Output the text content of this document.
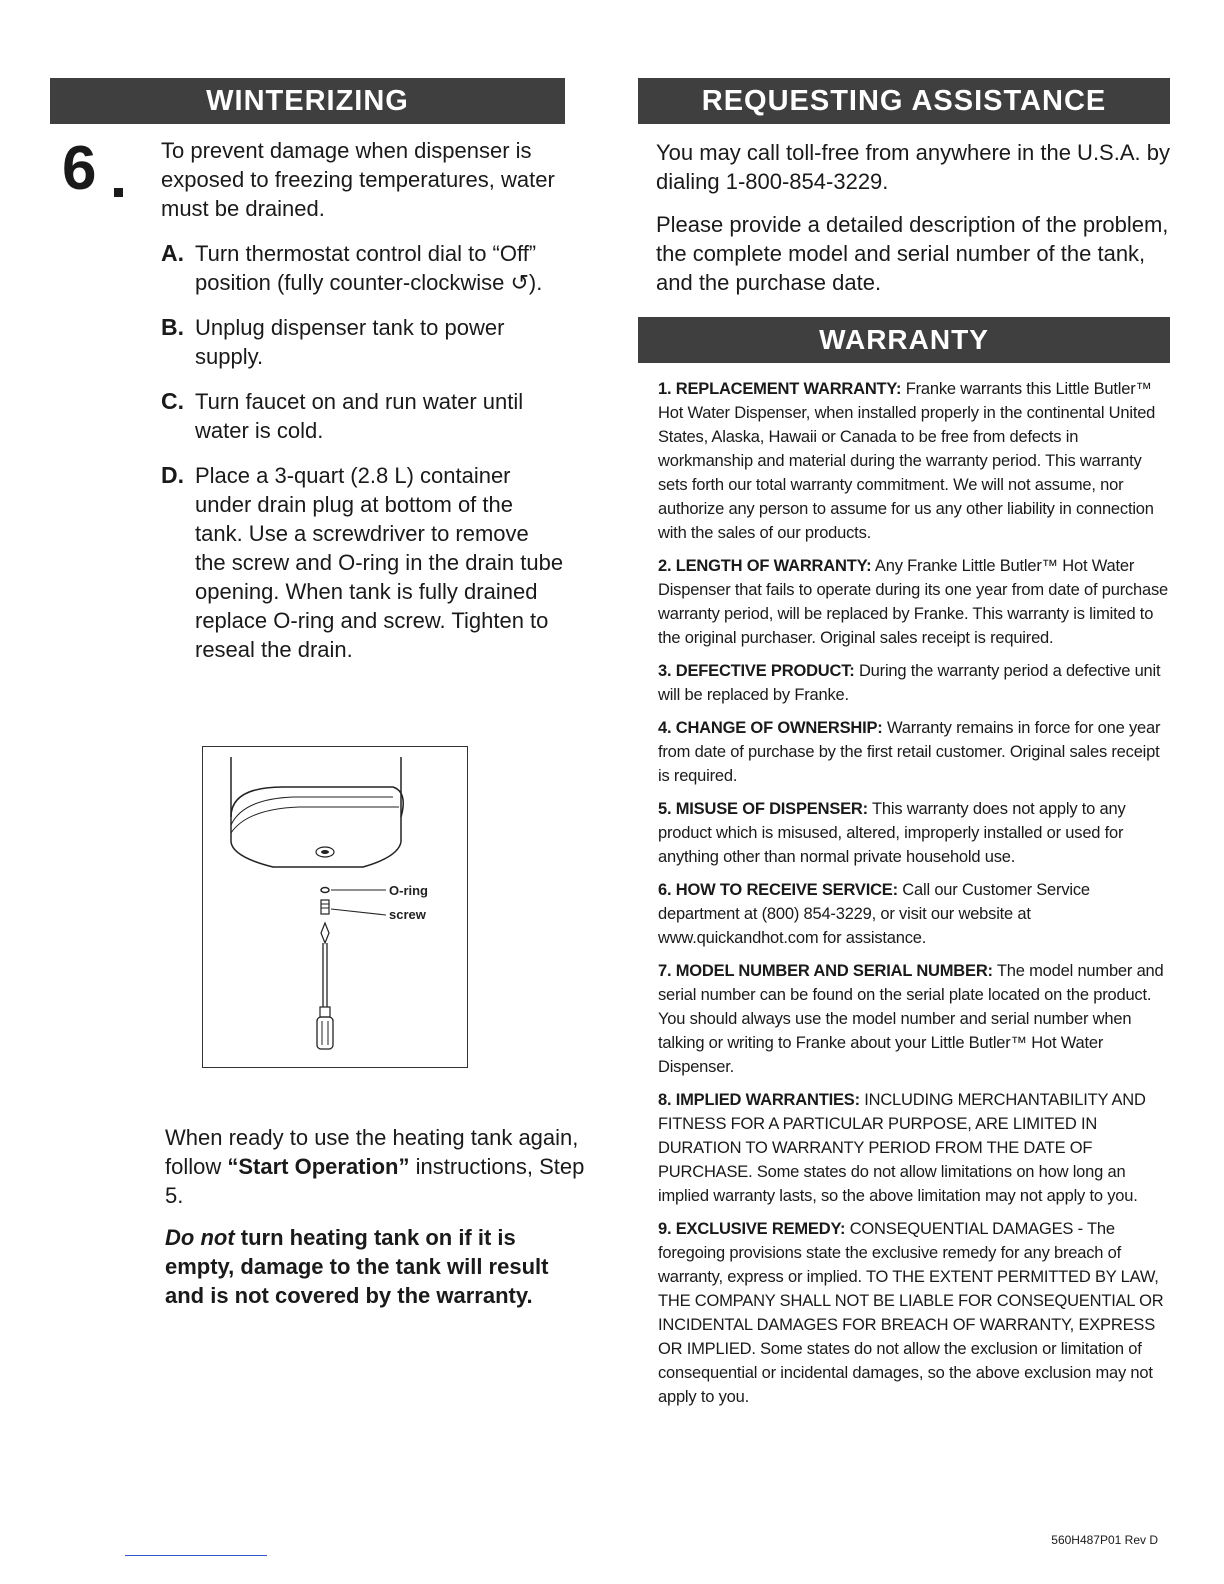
WINTERIZING
6	To prevent damage when dispenser is exposed to freezing temperatures, water must be drained.
A. Turn thermostat control dial to “Off” position (fully counter-clockwise ↺).
B. Unplug dispenser tank to power supply.
C. Turn faucet on and run water until water is cold.
D. Place a 3-quart (2.8 L) container under drain plug at bottom of the tank. Use a screwdriver to remove the screw and O-ring in the drain tube opening. When tank is fully drained replace O-ring and screw. Tighten to reseal the drain.
O-ring
screw
When ready to use the heating tank again, follow “Start Operation” instructions, Step 5.
Do not turn heating tank on if it is empty, damage to the tank will result and is not covered by the warranty.
REQUESTING ASSISTANCE

You may call toll-free from anywhere in the U.S.A. by dialing 1-800-854-3229.

Please provide a detailed description of the problem, the complete model and serial number of the tank, and the purchase date.

WARRANTY
1. REPLACEMENT WARRANTY: Franke warrants this Little Butler™ Hot Water Dispenser, when installed properly in the continental United States, Alaska, Hawaii or Canada to be free from defects in workmanship and material during the warranty period. This warranty sets forth our total warranty commitment. We will not assume, nor authorize any person to assume for us any other liability in connection with the sales of our products.
2. LENGTH OF WARRANTY: Any Franke Little Butler™ Hot Water Dispenser that fails to operate during its one year from date of purchase warranty period, will be replaced by Franke. This warranty is limited to the original purchaser. Original sales receipt is required.
3. DEFECTIVE PRODUCT: During the warranty period a defective unit will be replaced by Franke.
4. CHANGE OF OWNERSHIP: Warranty remains in force for one year from date of purchase by the first retail customer. Original sales receipt is required.
5. MISUSE OF DISPENSER: This warranty does not apply to any product which is misused, altered, improperly installed or used for anything other than normal private household use.
6. HOW TO RECEIVE SERVICE: Call our Customer Service department at (800) 854-3229, or visit our website at www.quickandhot.com for assistance.
7. MODEL NUMBER AND SERIAL NUMBER: The model number and serial number can be found on the serial plate located on the product. You should always use the model number and serial number when talking or writing to Franke about your Little Butler™ Hot Water Dispenser.
8. IMPLIED WARRANTIES: INCLUDING MERCHANTABILITY AND FITNESS FOR A PARTICULAR PURPOSE, ARE LIMITED IN DURATION TO WARRANTY PERIOD FROM THE DATE OF PURCHASE. Some states do not allow limitations on how long an implied warranty lasts, so the above limitation may not apply to you.
9. EXCLUSIVE REMEDY: CONSEQUENTIAL DAMAGES - The foregoing provisions state the exclusive remedy for any breach of warranty, express or implied. TO THE EXTENT PERMITTED BY LAW, THE COMPANY SHALL NOT BE LIABLE FOR CONSEQUENTIAL OR INCIDENTAL DAMAGES FOR BREACH OF WARRANTY, EXPRESS OR IMPLIED. Some states do not allow the exclusion or limitation of consequential or incidental damages, so the above exclusion may not apply to you.
560H487P01 Rev D
